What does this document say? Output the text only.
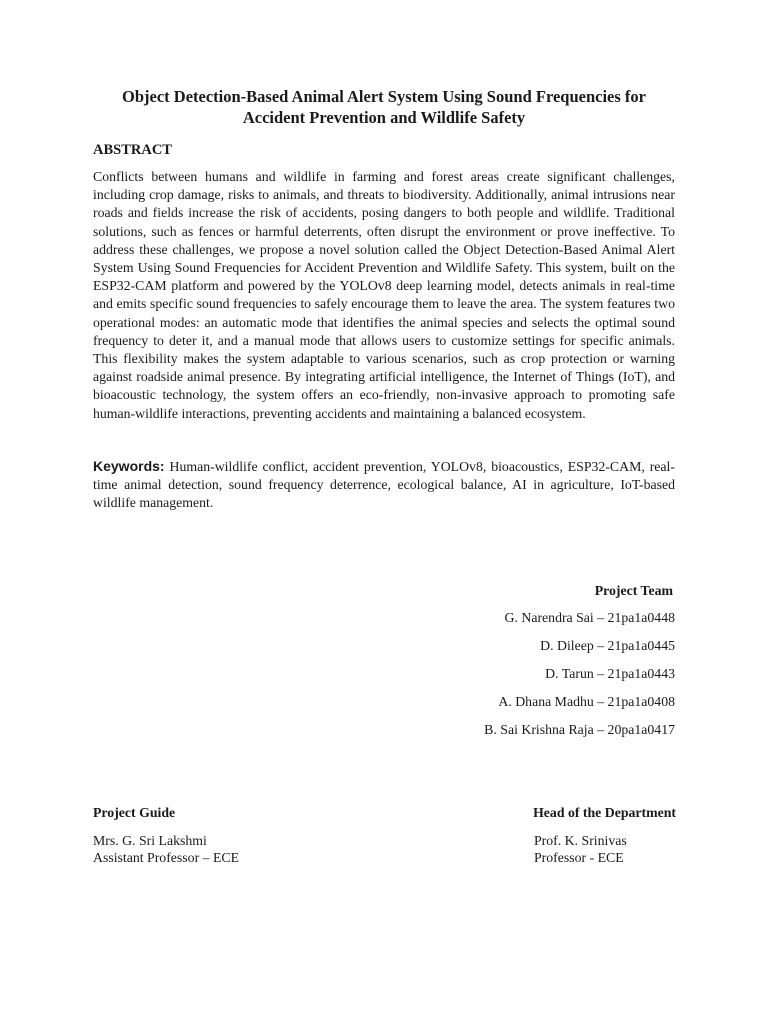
Object Detection-Based Animal Alert System Using Sound Frequencies for
Accident Prevention and Wildlife Safety
ABSTRACT

Conflicts between humans and wildlife in farming and forest areas create significant challenges, including crop damage, risks to animals, and threats to biodiversity. Additionally, animal intrusions near roads and fields increase the risk of accidents, posing dangers to both people and wildlife. Traditional solutions, such as fences or harmful deterrents, often disrupt the environment or prove ineffective. To address these challenges, we propose a novel solution called the Object Detection-Based Animal Alert System Using Sound Frequencies for Accident Prevention and Wildlife Safety. This system, built on the ESP32-CAM platform and powered by the YOLOv8 deep learning model, detects animals in real-time and emits specific sound frequencies to safely encourage them to leave the area. The system features two operational modes: an automatic mode that identifies the animal species and selects the optimal sound frequency to deter it, and a manual mode that allows users to customize settings for specific animals. This flexibility makes the system adaptable to various scenarios, such as crop protection or warning against roadside animal presence. By integrating artificial intelligence, the Internet of Things (IoT), and bioacoustic technology, the system offers an eco-friendly, non-invasive approach to promoting safe human-wildlife interactions, preventing accidents and maintaining a balanced ecosystem.

Keywords: Human-wildlife conflict, accident prevention, YOLOv8, bioacoustics, ESP32-CAM, real-time animal detection, sound frequency deterrence, ecological balance, AI in agriculture, IoT-based wildlife management.

Project Team
G. Narendra Sai – 21pa1a0448
D. Dileep – 21pa1a0445
D. Tarun – 21pa1a0443
A. Dhana Madhu – 21pa1a0408
B. Sai Krishna Raja – 20pa1a0417
Project Guide
Mrs. G. Sri Lakshmi
Assistant Professor – ECE
Head of the Department
Prof. K. Srinivas
Professor - ECE
